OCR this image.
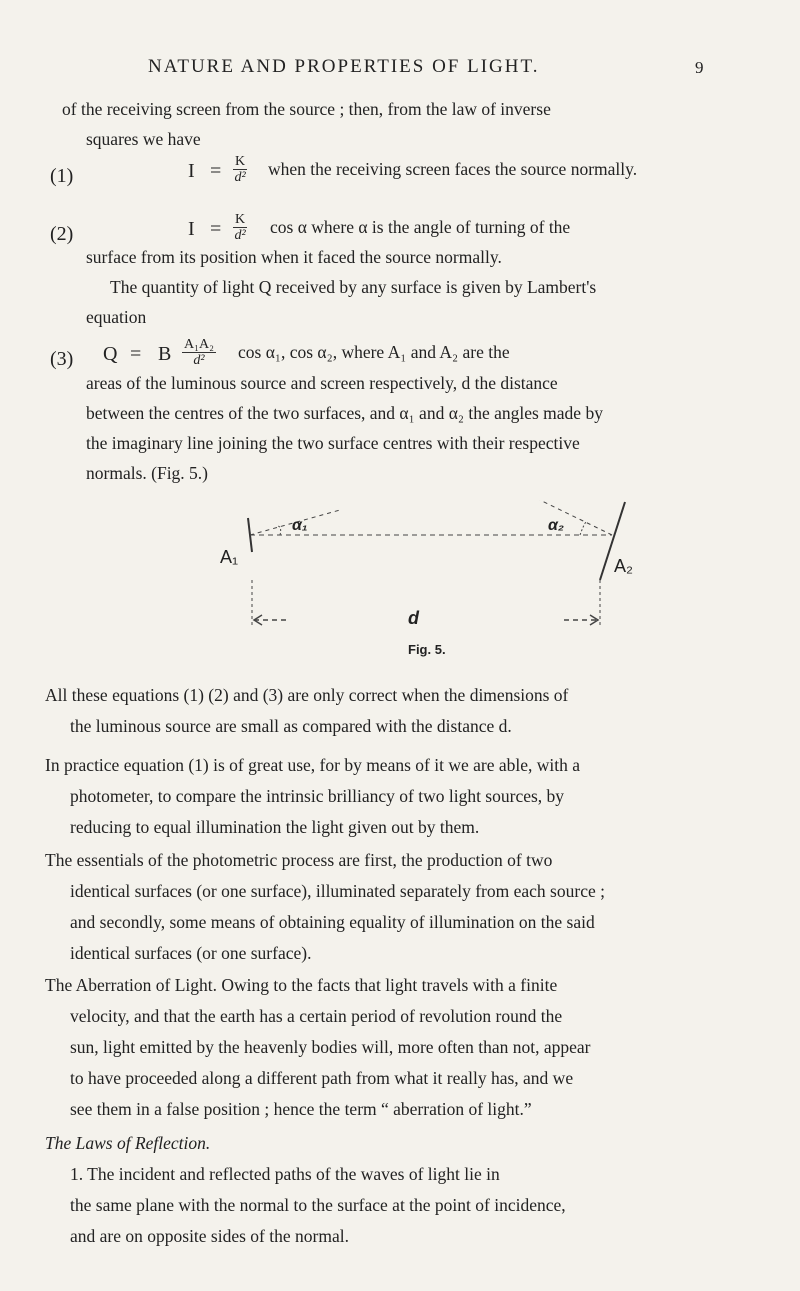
NATURE AND PROPERTIES OF LIGHT.	9
of the receiving screen from the source ; then, from the law of inverse
squares we have
(1)	$I = \frac{K}{\text{d²}}$ when the receiving screen faces the source normally.
(2)	$I = \frac{K}{\text{d²}}$ cos α where α is the angle of turning of the
surface from its position when it faced the source normally.
The quantity of light Q received by any surface is given by Lambert's
equation
(3) Q = B $\frac{\text{A₁A₂}}{\text{d²}}$ cos α₁, cos α₂, where A₁ and A₂ are the
areas of the luminous source and screen respectively, d the distance
between the centres of the two surfaces, and α₁ and α₂ the angles made by
the imaginary line joining the two surface centres with their respective
normals. (Fig. 5.)
α₁	α₂
A₁	A₂
d
Fig. 5.
All these equations (1) (2) and (3) are only correct when the dimensions of
the luminous source are small as compared with the distance d.
In practice equation (1) is of great use, for by means of it we are able, with a
photometer, to compare the intrinsic brilliancy of two light sources, by
reducing to equal illumination the light given out by them.
The essentials of the photometric process are first, the production of two
identical surfaces (or one surface), illuminated separately from each source ;
and secondly, some means of obtaining equality of illumination on the said
identical surfaces (or one surface).
The Aberration of Light. Owing to the facts that light travels with a finite
velocity, and that the earth has a certain period of revolution round the
sun, light emitted by the heavenly bodies will, more often than not, appear
to have proceeded along a different path from what it really has, and we
see them in a false position ; hence the term “ aberration of light.”
The Laws of Reflection.
1. The incident and reflected paths of the waves of light lie in
the same plane with the normal to the surface at the point of incidence,
and are on opposite sides of the normal.
